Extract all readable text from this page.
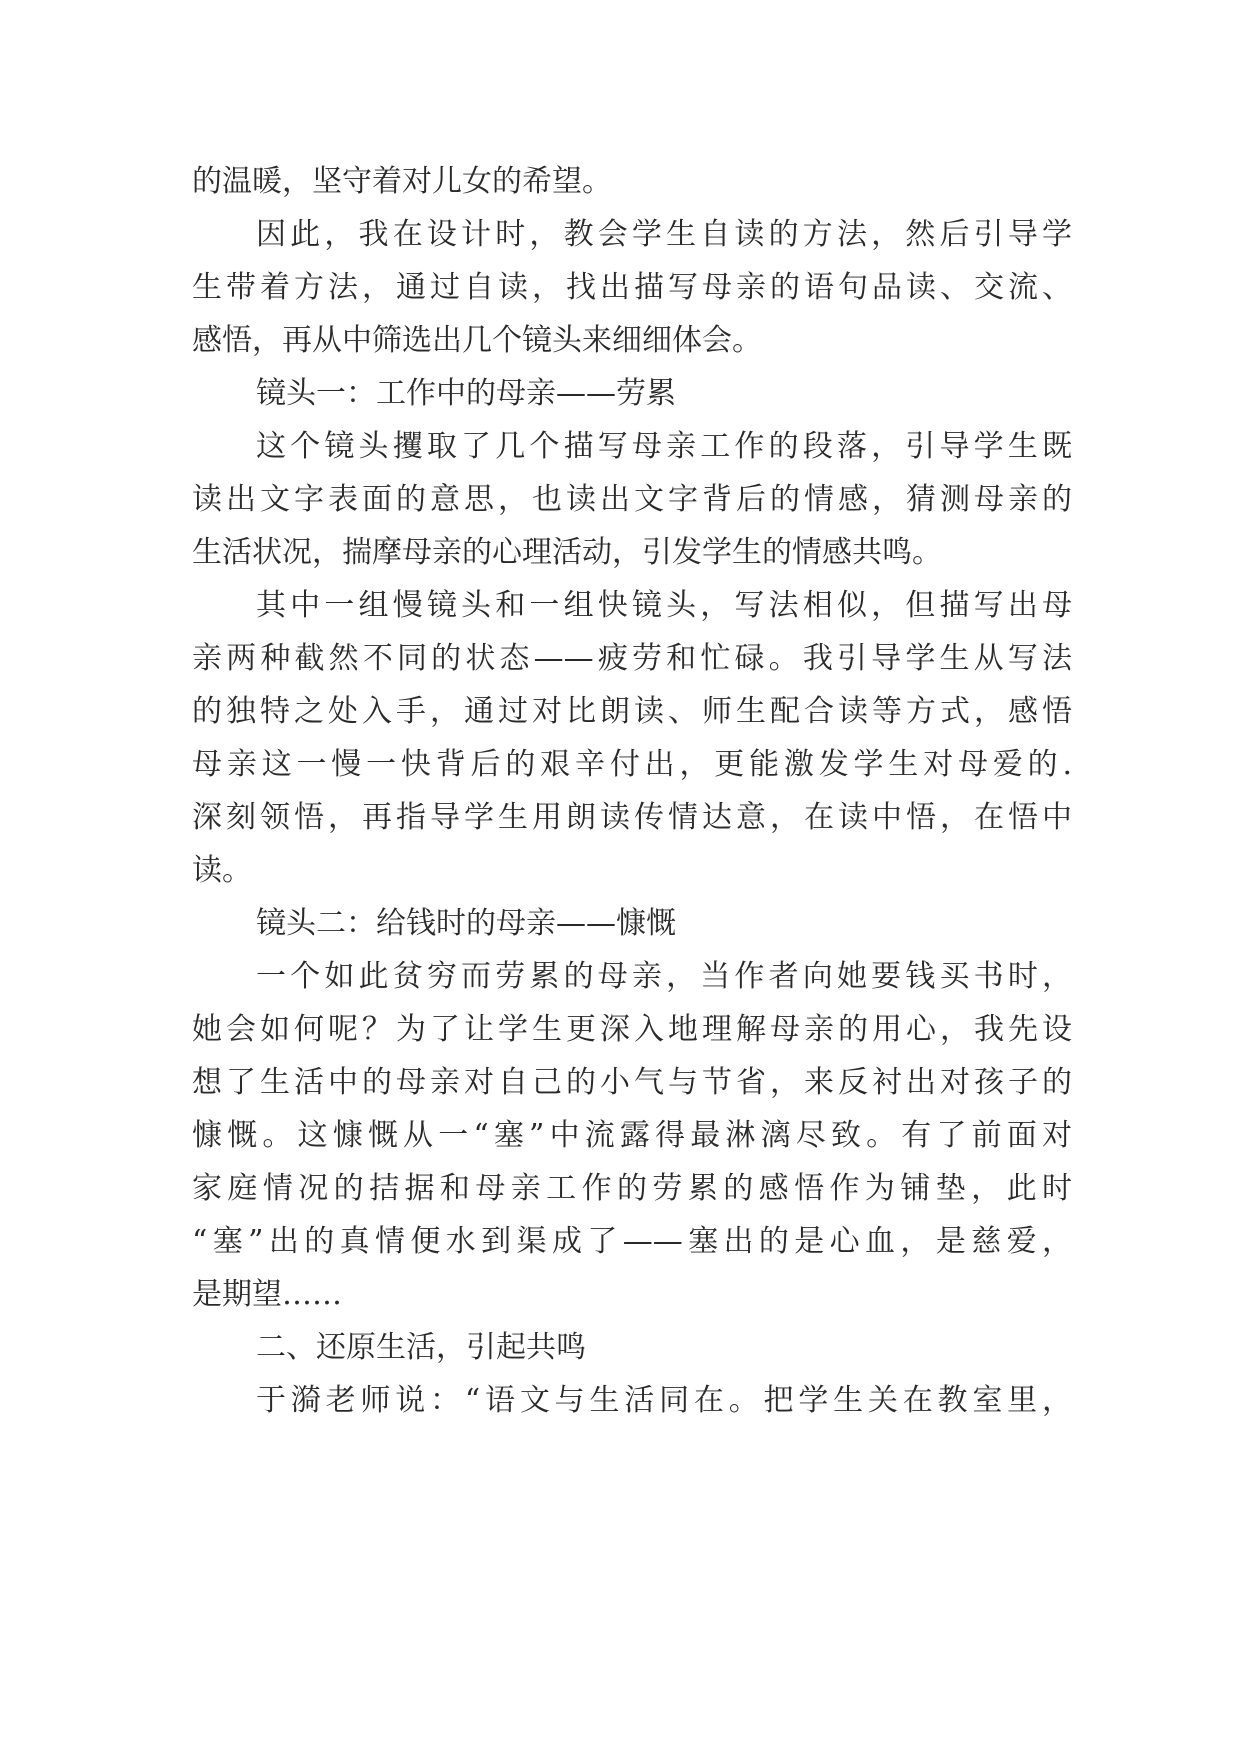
的温暖，坚守着对儿女的希望。

因此，我在设计时，教会学生自读的方法，然后引导学

生带着方法，通过自读，找出描写母亲的语句品读、交流、

感悟，再从中筛选出几个镜头来细细体会。

镜头一：工作中的母亲——劳累

这个镜头攫取了几个描写母亲工作的段落，引导学生既

读出文字表面的意思，也读出文字背后的情感，猜测母亲的

生活状况，揣摩母亲的心理活动，引发学生的情感共鸣。

其中一组慢镜头和一组快镜头，写法相似，但描写出母

亲两种截然不同的状态——疲劳和忙碌。我引导学生从写法

的独特之处入手，通过对比朗读、师生配合读等方式，感悟

母亲这一慢一快背后的艰辛付出，更能激发学生对母爱的.

深刻领悟，再指导学生用朗读传情达意，在读中悟，在悟中

读。

镜头二：给钱时的母亲——慷慨

一个如此贫穷而劳累的母亲，当作者向她要钱买书时，

她会如何呢？为了让学生更深入地理解母亲的用心，我先设

想了生活中的母亲对自己的小气与节省，来反衬出对孩子的

慷慨。这慷慨从一“塞”中流露得最淋漓尽致。有了前面对

家庭情况的拮据和母亲工作的劳累的感悟作为铺垫，此时

“塞”出的真情便水到渠成了——塞出的是心血，是慈爱，

是期望……

二、还原生活，引起共鸣

于漪老师说：“语文与生活同在。把学生关在教室里，
